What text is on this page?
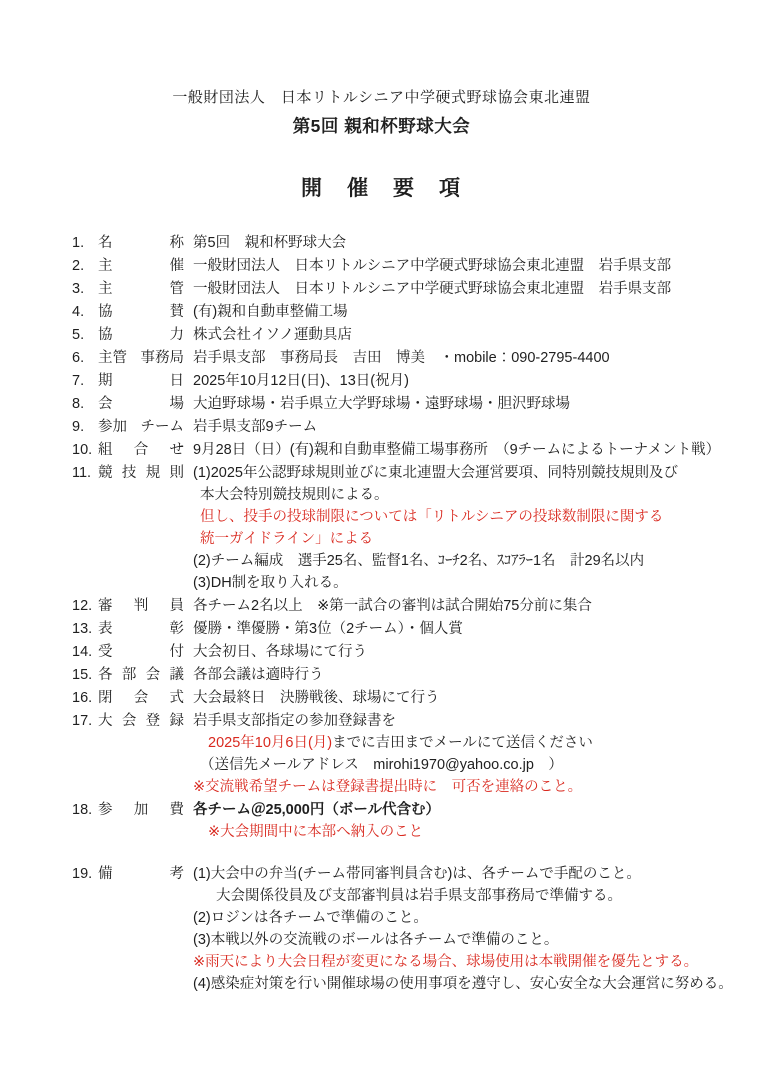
一般財団法人　日本リトルシニア中学硬式野球協会東北連盟
第5回 親和杯野球大会
開　催　要　項
1. 名	称 第5回　親和杯野球大会
2. 主	催 一般財団法人　日本リトルシニア中学硬式野球協会東北連盟　岩手県支部
3. 主	管 一般財団法人　日本リトルシニア中学硬式野球協会東北連盟　岩手県支部
4. 協	賛 (有)親和自動車整備工場
5. 協	力 株式会社イソノ運動具店
6. 主管 事務局 岩手県支部　事務局長　吉田　博美　・mobile：090-2795-4400
7. 期	日 2025年10月12日(日)、13日(祝月)
8. 会	場 大迫野球場・岩手県立大学野球場・遠野球場・胆沢野球場
9. 参加 チーム 岩手県支部9チーム
10. 組 合 せ 9月28日（日）(有)親和自動車整備工場事務所　（9チームによるトーナメント戦）
11. 競 技 規 則 (1)2025年公認野球規則並びに東北連盟大会運営要項、同特別競技規則及び
本大会特別競技規則による。
但し、投手の投球制限については「リトルシニアの投球数制限に関する
統一ガイドライン」による
(2)チーム編成　選手25名、監督1名、ｺｰﾁ2名、ｽｺｱﾗｰ1名　計29名以内
(3)DH制を取り入れる。
12. 審 判 員 各チーム2名以上　※第一試合の審判は試合開始75分前に集合
13. 表	彰 優勝・準優勝・第3位（2チーム）・個人賞
14. 受	付 大会初日、各球場にて行う
15. 各 部 会 議 各部会議は適時行う
16. 閉 会 式 大会最終日　決勝戦後、球場にて行う
17. 大 会 登 録 岩手県支部指定の参加登録書を
2025年10月6日(月)までに吉田までメールにて送信ください
（送信先メールアドレス　mirohi1970@yahoo.co.jp　）
※交流戦希望チームは登録書提出時に　可否を連絡のこと。
18. 参 加 費 各チーム＠25,000円（ボール代含む）
※大会期間中に本部へ納入のこと
19. 備	考 (1)大会中の弁当(チーム帯同審判員含む)は、各チームで手配のこと。
大会関係役員及び支部審判員は岩手県支部事務局で準備する。
(2)ロジンは各チームで準備のこと。
(3)本戦以外の交流戦のボールは各チームで準備のこと。
※雨天により大会日程が変更になる場合、球場使用は本戦開催を優先とする。
(4)感染症対策を行い開催球場の使用事項を遵守し、安心安全な大会運営に努める。
